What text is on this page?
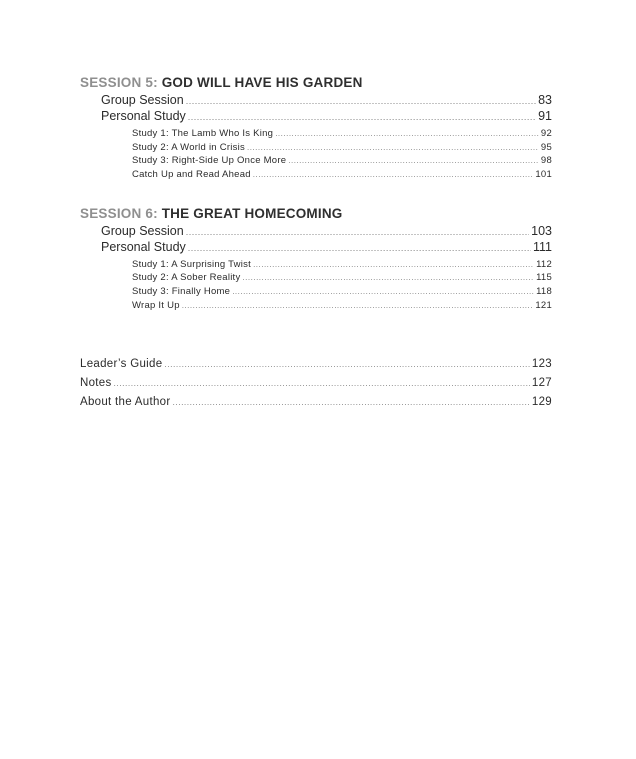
SESSION 5: GOD WILL HAVE HIS GARDEN
Group Session .....	83
Personal Study .....	91
Study 1: The Lamb Who Is King .....	92
Study 2: A World in Crisis .....	95
Study 3: Right-Side Up Once More .....	98
Catch Up and Read Ahead .....	101
SESSION 6: THE GREAT HOMECOMING
Group Session .....	103
Personal Study .....	111
Study 1: A Surprising Twist .....	112
Study 2: A Sober Reality .....	115
Study 3: Finally Home .....	118
Wrap It Up .....	121
Leader’s Guide .....	123
Notes .....	127
About the Author .....	129
